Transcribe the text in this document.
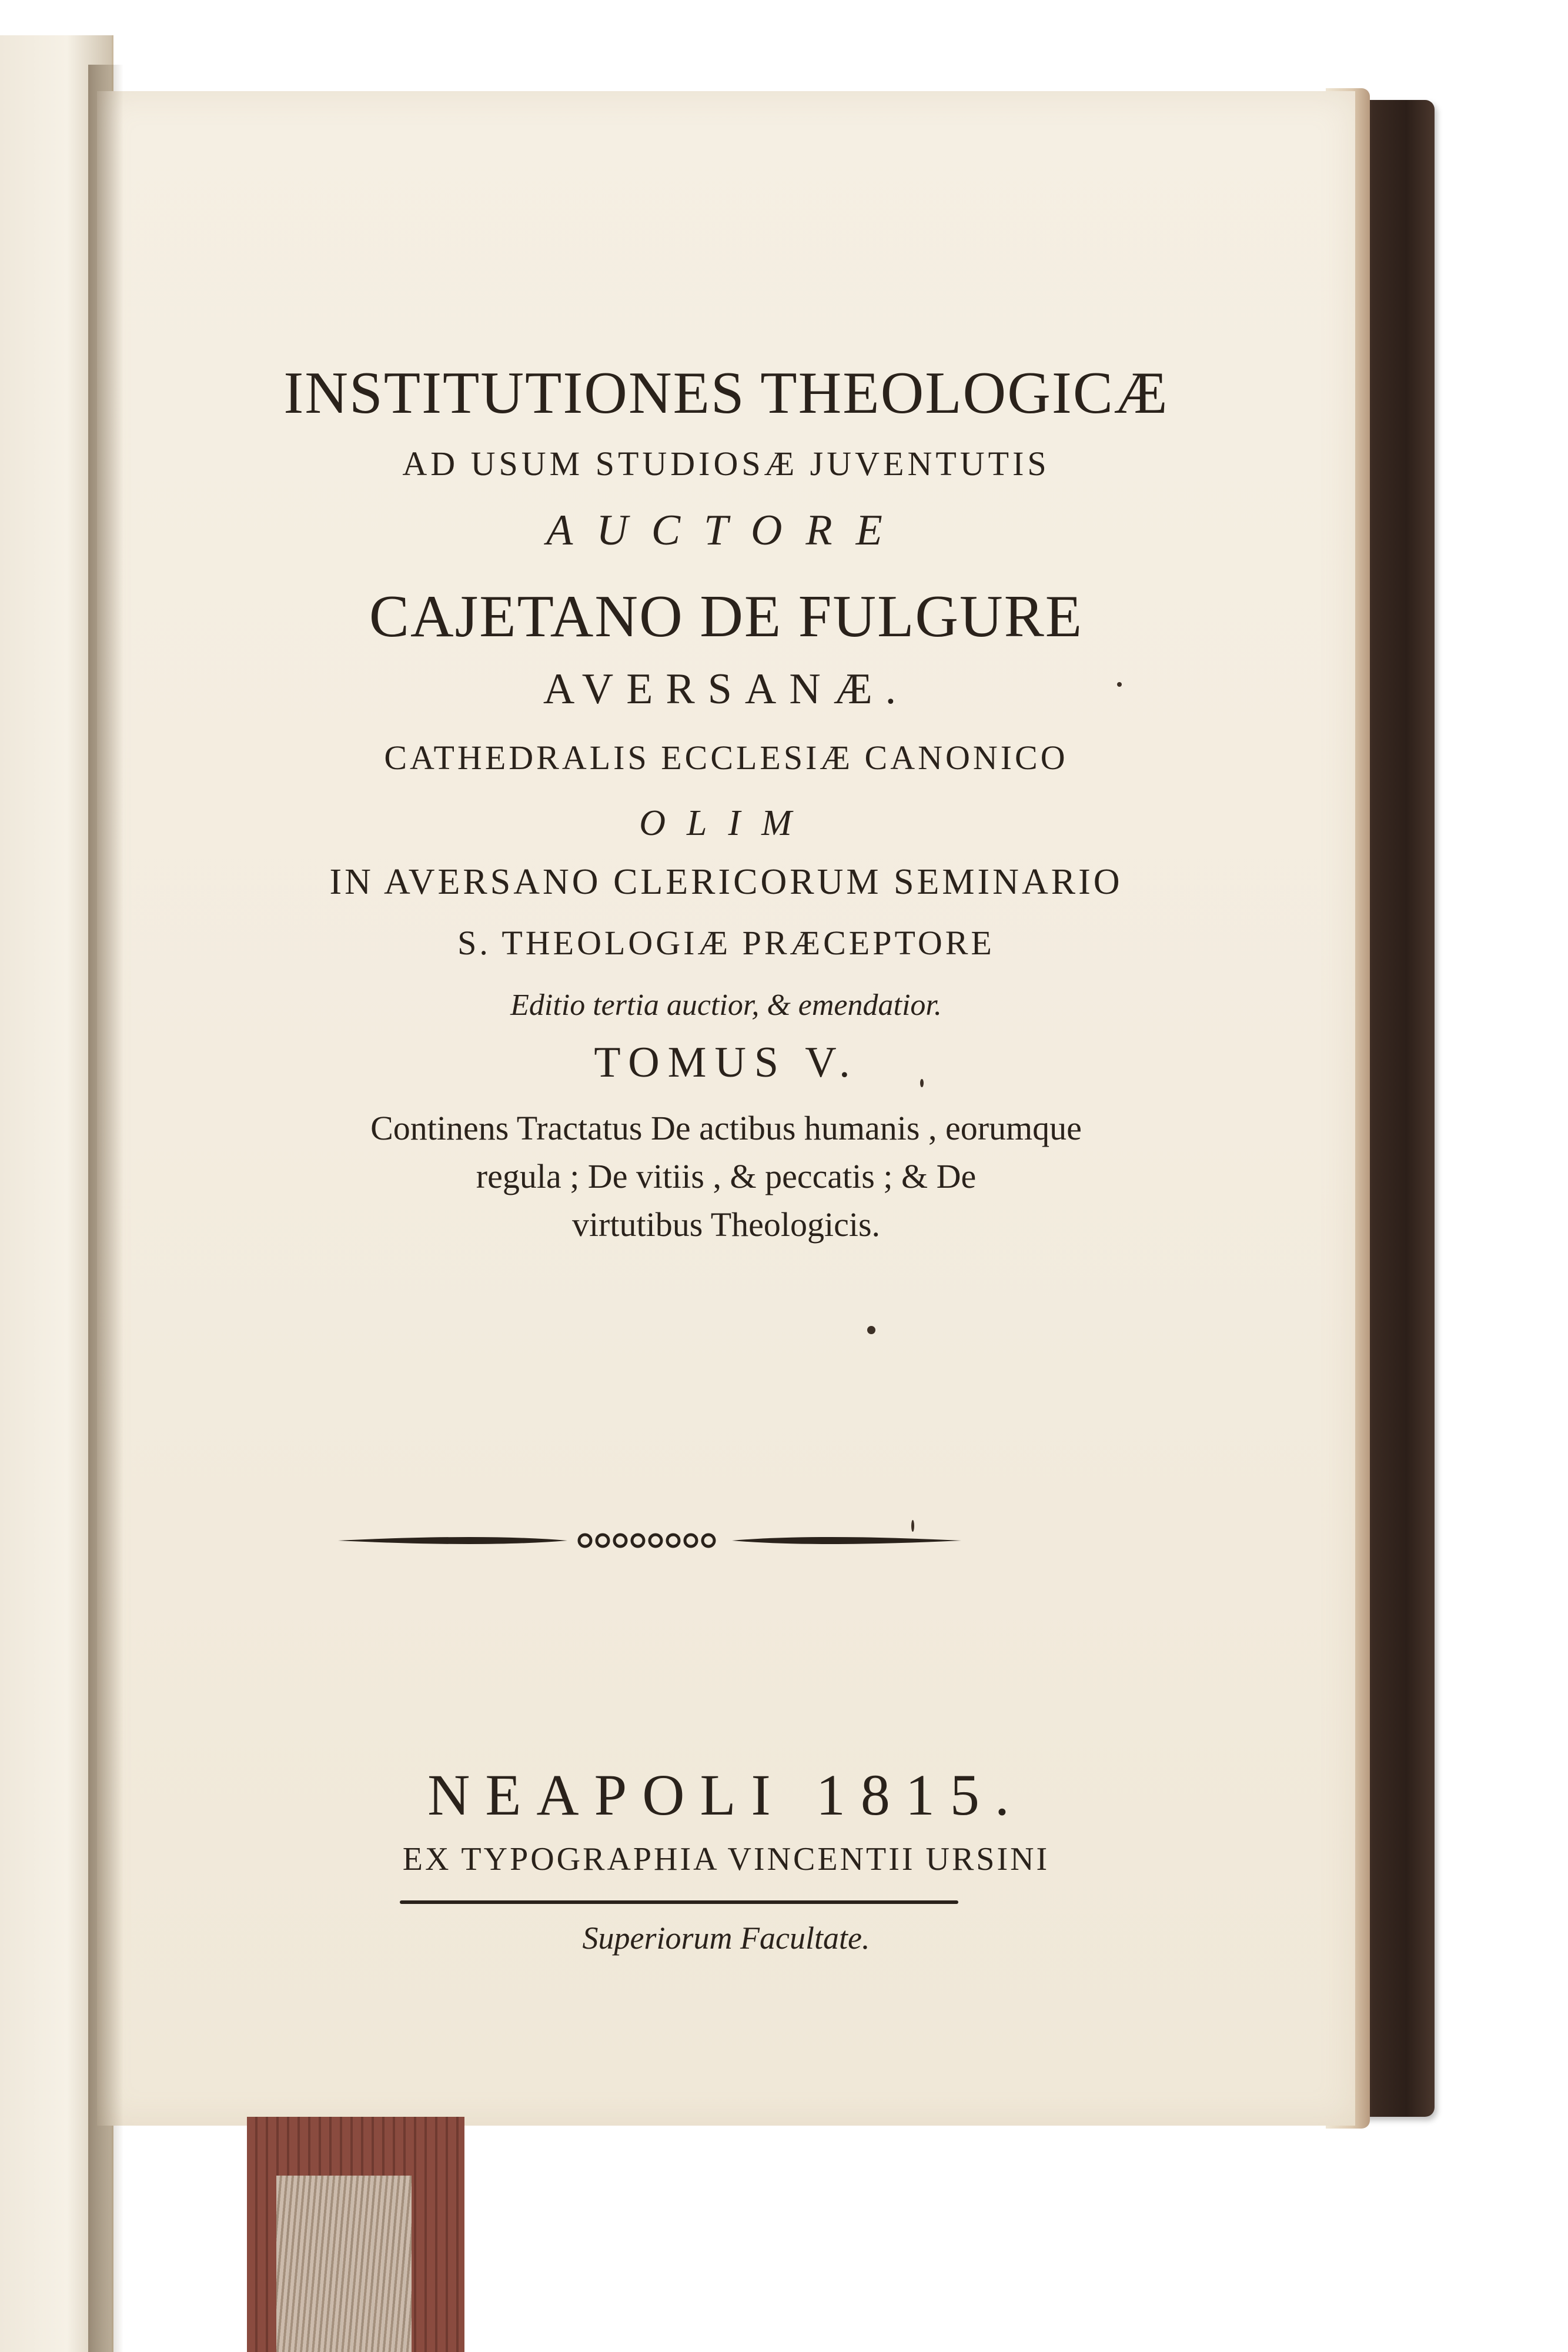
INSTITUTIONES THEOLOGICÆ
AD USUM STUDIOSÆ JUVENTUTIS
AUCTORE
CAJETANO DE FULGURE
AVERSANÆ.
CATHEDRALIS ECCLESIÆ CANONICO
OLIM
IN AVERSANO CLERICORUM SEMINARIO
S. THEOLOGIÆ PRÆCEPTORE
Editio tertia auctior, & emendatior.
TOMUS V.
Continens Tractatus De actibus humanis , eorumque
regula ; De vitiis , & peccatis ; & De
virtutibus Theologicis.
NEAPOLI 1815.
EX TYPOGRAPHIA VINCENTII URSINI
Superiorum Facultate.
